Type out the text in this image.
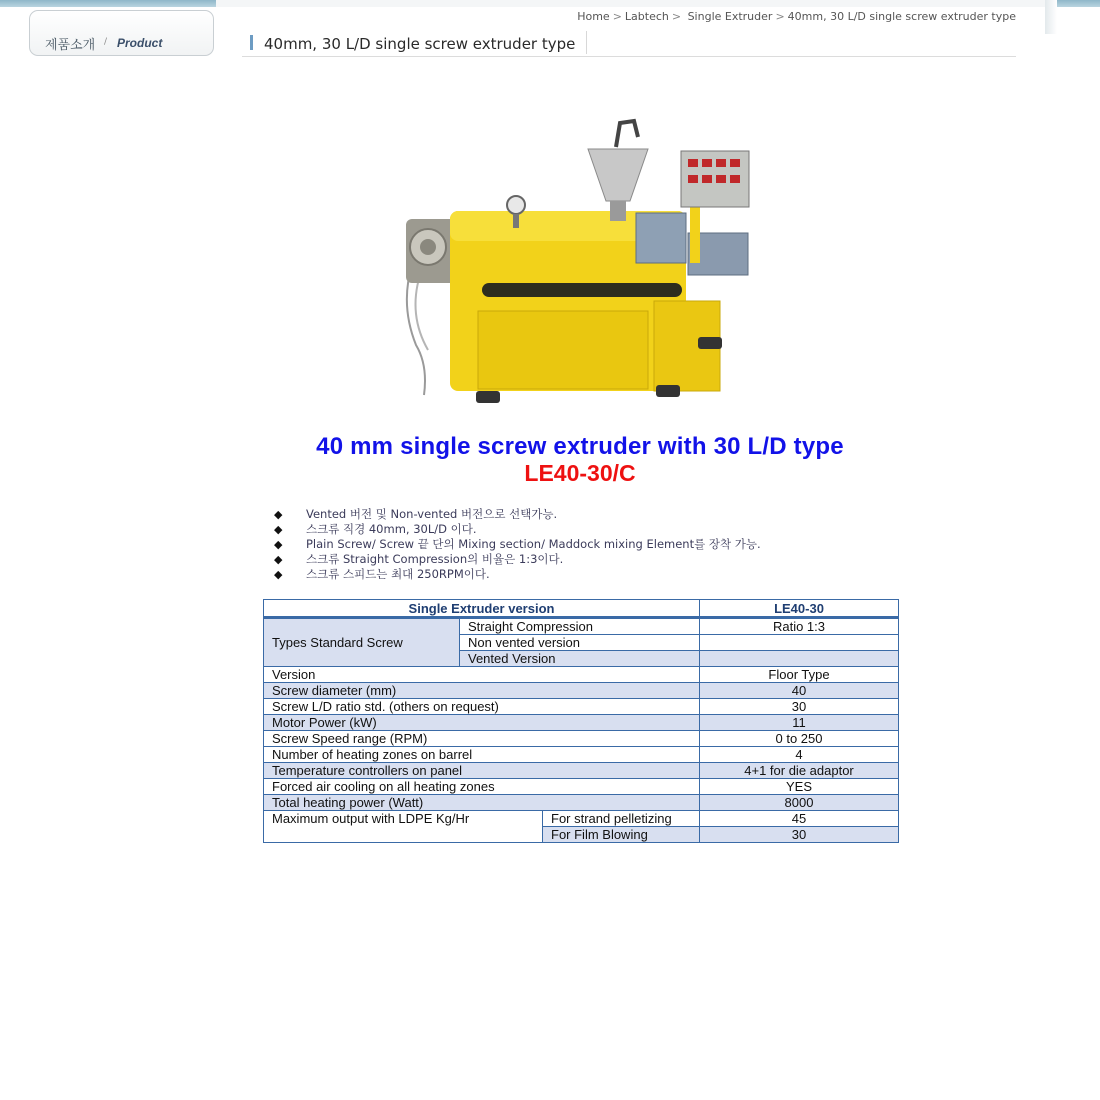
제품소개 / Product
Home > Labtech > Single Extruder > 40mm, 30 L/D single screw extruder type
40mm, 30 L/D single screw extruder type
40 mm single screw extruder with 30 L/D type
LE40-30/C
◆ Vented 버전 및 Non-vented 버전으로 선택가능.
◆ 스크류 직경 40mm, 30L/D 이다.
◆ Plain Screw/ Screw 끝 단의 Mixing section/ Maddock mixing Element를 장착 가능.
◆ 스크류 Straight Compression의 비율은 1:3이다.
◆ 스크류 스피드는 최대 250RPM이다.
Single Extruder version			LE40-30
Types Standard Screw	Straight Compression		Ratio 1:3
	Non vented version		
	Vented Version		
Version			Floor Type
Screw diameter (mm)			40
Screw L/D ratio std. (others on request)			30
Motor Power (kW)			11
Screw Speed range (RPM)			0 to 250
Number of heating zones on barrel			4
Temperature controllers on panel			4+1 for die adaptor
Forced air cooling on all heating zones			YES
Total heating power (Watt)			8000
Maximum output with LDPE Kg/Hr		For strand pelletizing	45
		For Film Blowing	30
